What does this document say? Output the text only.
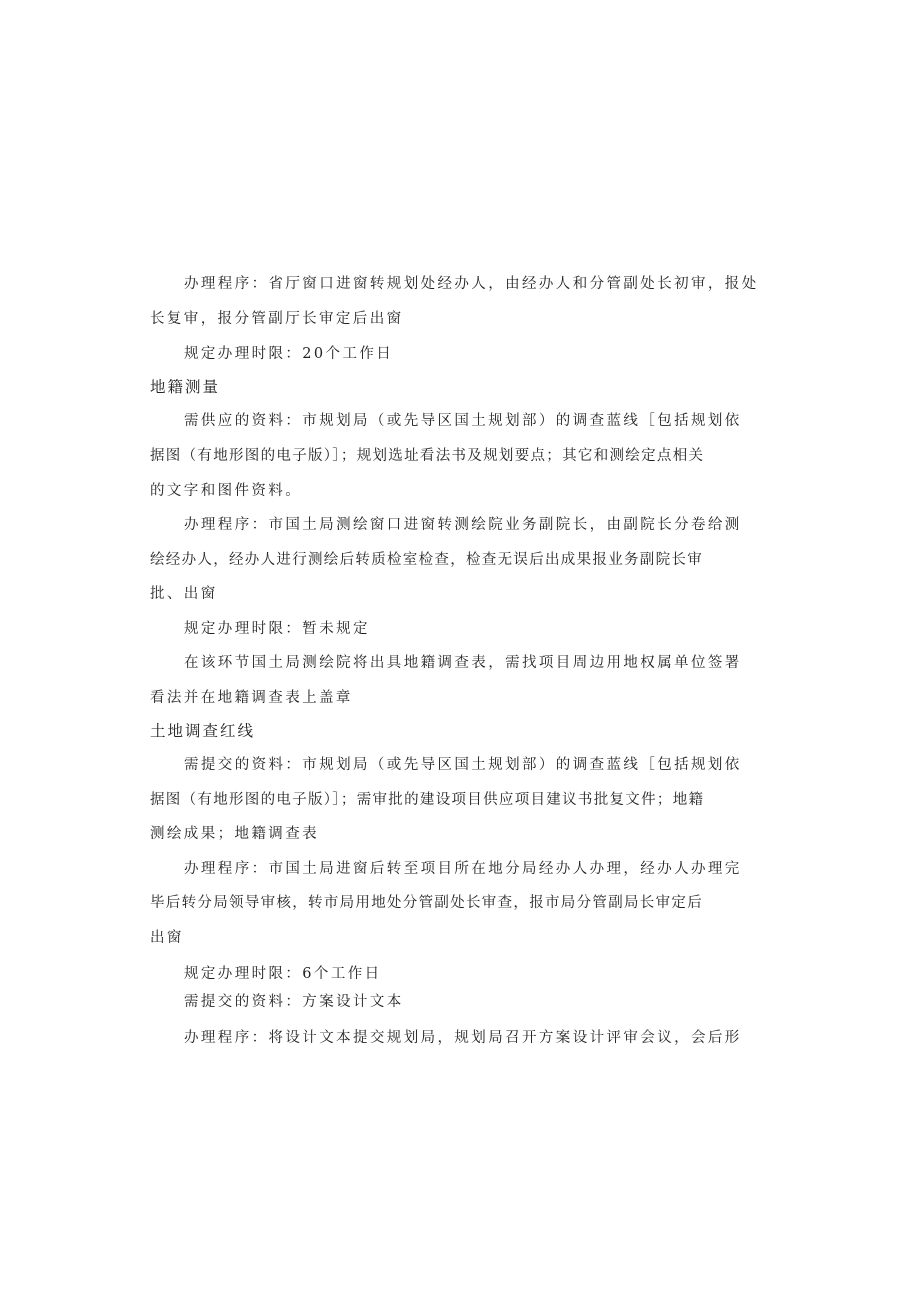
办理程序：省厅窗口进窗转规划处经办人，由经办人和分管副处长初审，报处
长复审，报分管副厅长审定后出窗
规定办理时限：20个工作日
地籍测量
需供应的资料：市规划局（或先导区国土规划部）的调查蓝线［包括规划依
据图（有地形图的电子版）］；规划选址看法书及规划要点；其它和测绘定点相关
的文字和图件资料。
办理程序：市国土局测绘窗口进窗转测绘院业务副院长，由副院长分卷给测
绘经办人，经办人进行测绘后转质检室检查，检查无误后出成果报业务副院长审
批、出窗
规定办理时限：暂未规定
在该环节国土局测绘院将出具地籍调查表，需找项目周边用地权属单位签署
看法并在地籍调查表上盖章
土地调查红线
需提交的资料：市规划局（或先导区国土规划部）的调查蓝线［包括规划依
据图（有地形图的电子版）］；需审批的建设项目供应项目建议书批复文件；地籍
测绘成果；地籍调查表
办理程序：市国土局进窗后转至项目所在地分局经办人办理，经办人办理完
毕后转分局领导审核，转市局用地处分管副处长审查，报市局分管副局长审定后
出窗
规定办理时限：6个工作日
需提交的资料：方案设计文本
办理程序：将设计文本提交规划局，规划局召开方案设计评审会议，会后形
